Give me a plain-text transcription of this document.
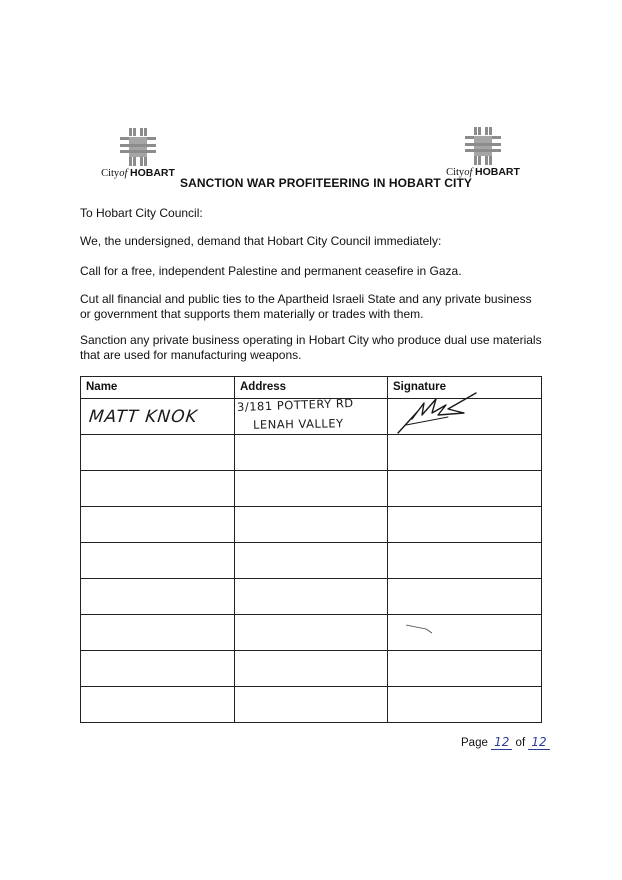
Cityof HOBART
SANCTION WAR PROFITEERING IN HOBART CITY
Cityof HOBART
To Hobart City Council:
We, the undersigned, demand that Hobart City Council immediately:
Call for a free, independent Palestine and permanent ceasefire in Gaza.
Cut all financial and public ties to the Apartheid Israeli State and any private business or government that supports them materially or trades with them.
Sanction any private business operating in Hobart City who produce dual use materials that are used for manufacturing weapons.
Name	Address	Signature

MATT KNOK	3/181 POTTERY RD
LENAH VALLEY

Page 12 of 12
